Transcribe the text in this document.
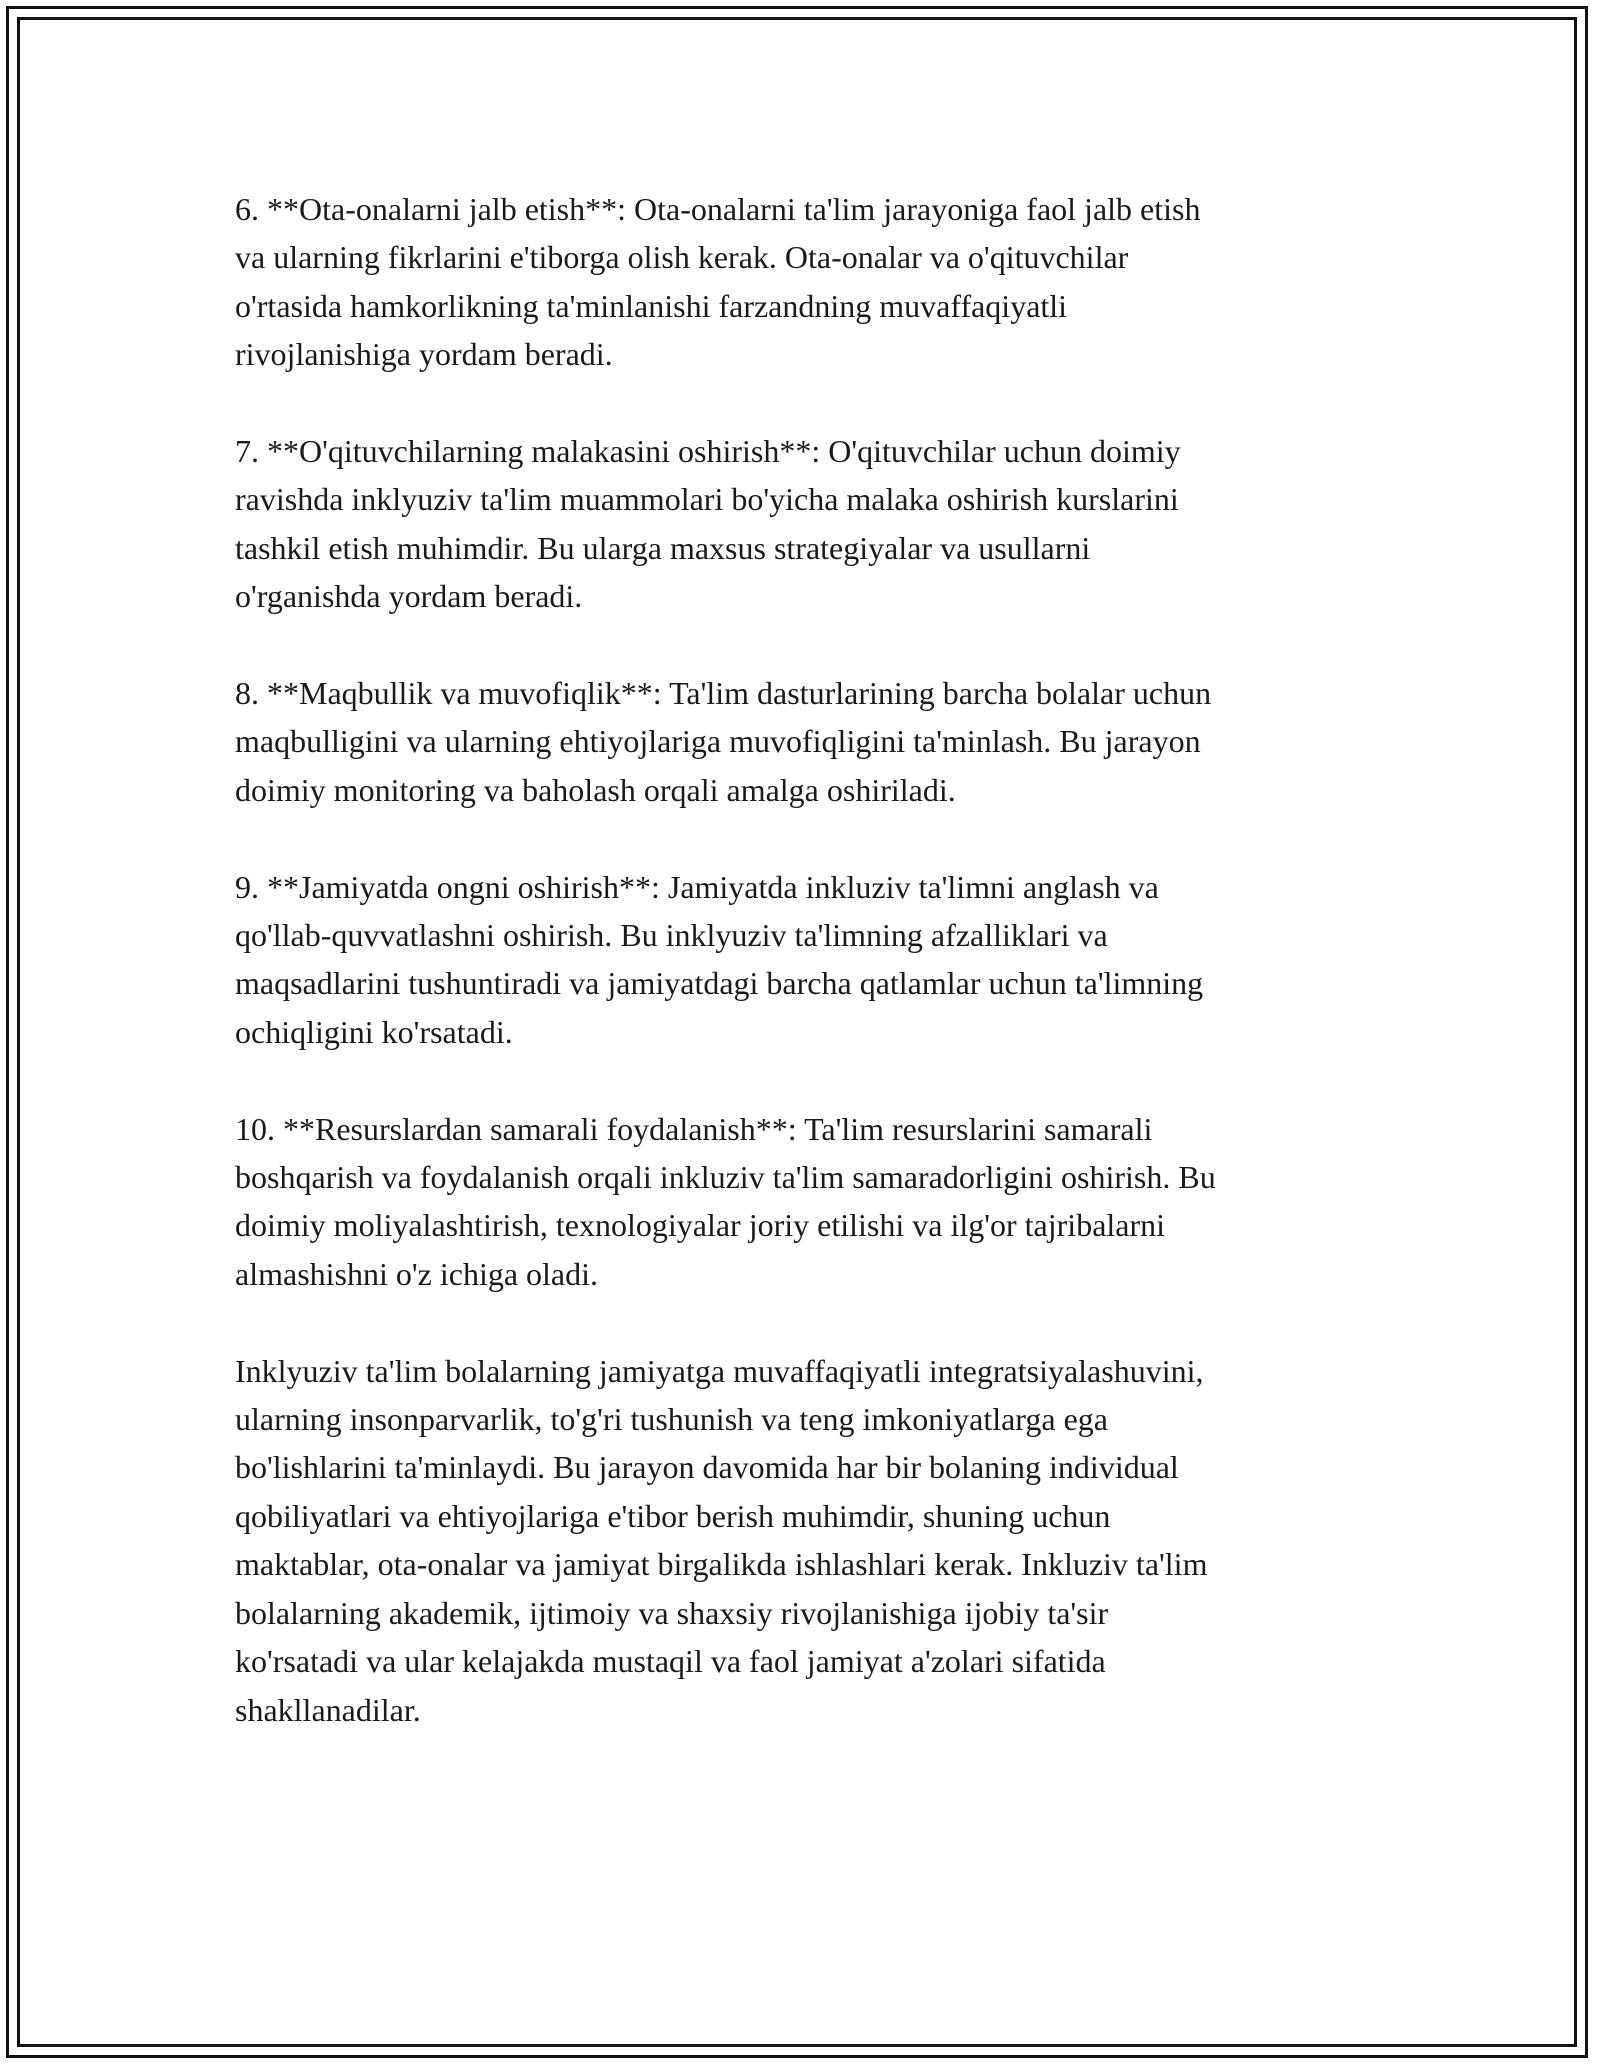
6. **Ota-onalarni jalb etish**: Ota-onalarni ta'lim jarayoniga faol jalb etish
va ularning fikrlarini e'tiborga olish kerak. Ota-onalar va o'qituvchilar
o'rtasida hamkorlikning ta'minlanishi farzandning muvaffaqiyatli
rivojlanishiga yordam beradi.

7. **O'qituvchilarning malakasini oshirish**: O'qituvchilar uchun doimiy
ravishda inklyuziv ta'lim muammolari bo'yicha malaka oshirish kurslarini
tashkil etish muhimdir. Bu ularga maxsus strategiyalar va usullarni
o'rganishda yordam beradi.

8. **Maqbullik va muvofiqlik**: Ta'lim dasturlarining barcha bolalar uchun
maqbulligini va ularning ehtiyojlariga muvofiqligini ta'minlash. Bu jarayon
doimiy monitoring va baholash orqali amalga oshiriladi.

9. **Jamiyatda ongni oshirish**: Jamiyatda inkluziv ta'limni anglash va
qo'llab-quvvatlashni oshirish. Bu inklyuziv ta'limning afzalliklari va
maqsadlarini tushuntiradi va jamiyatdagi barcha qatlamlar uchun ta'limning
ochiqligini ko'rsatadi.

10. **Resurslardan samarali foydalanish**: Ta'lim resurslarini samarali
boshqarish va foydalanish orqali inkluziv ta'lim samaradorligini oshirish. Bu
doimiy moliyalashtirish, texnologiyalar joriy etilishi va ilg'or tajribalarni
almashishni o'z ichiga oladi.

Inklyuziv ta'lim bolalarning jamiyatga muvaffaqiyatli integratsiyalashuvini,
ularning insonparvarlik, to'g'ri tushunish va teng imkoniyatlarga ega
bo'lishlarini ta'minlaydi. Bu jarayon davomida har bir bolaning individual
qobiliyatlari va ehtiyojlariga e'tibor berish muhimdir, shuning uchun
maktablar, ota-onalar va jamiyat birgalikda ishlashlari kerak. Inkluziv ta'lim
bolalarning akademik, ijtimoiy va shaxsiy rivojlanishiga ijobiy ta'sir
ko'rsatadi va ular kelajakda mustaqil va faol jamiyat a'zolari sifatida
shakllanadilar.
